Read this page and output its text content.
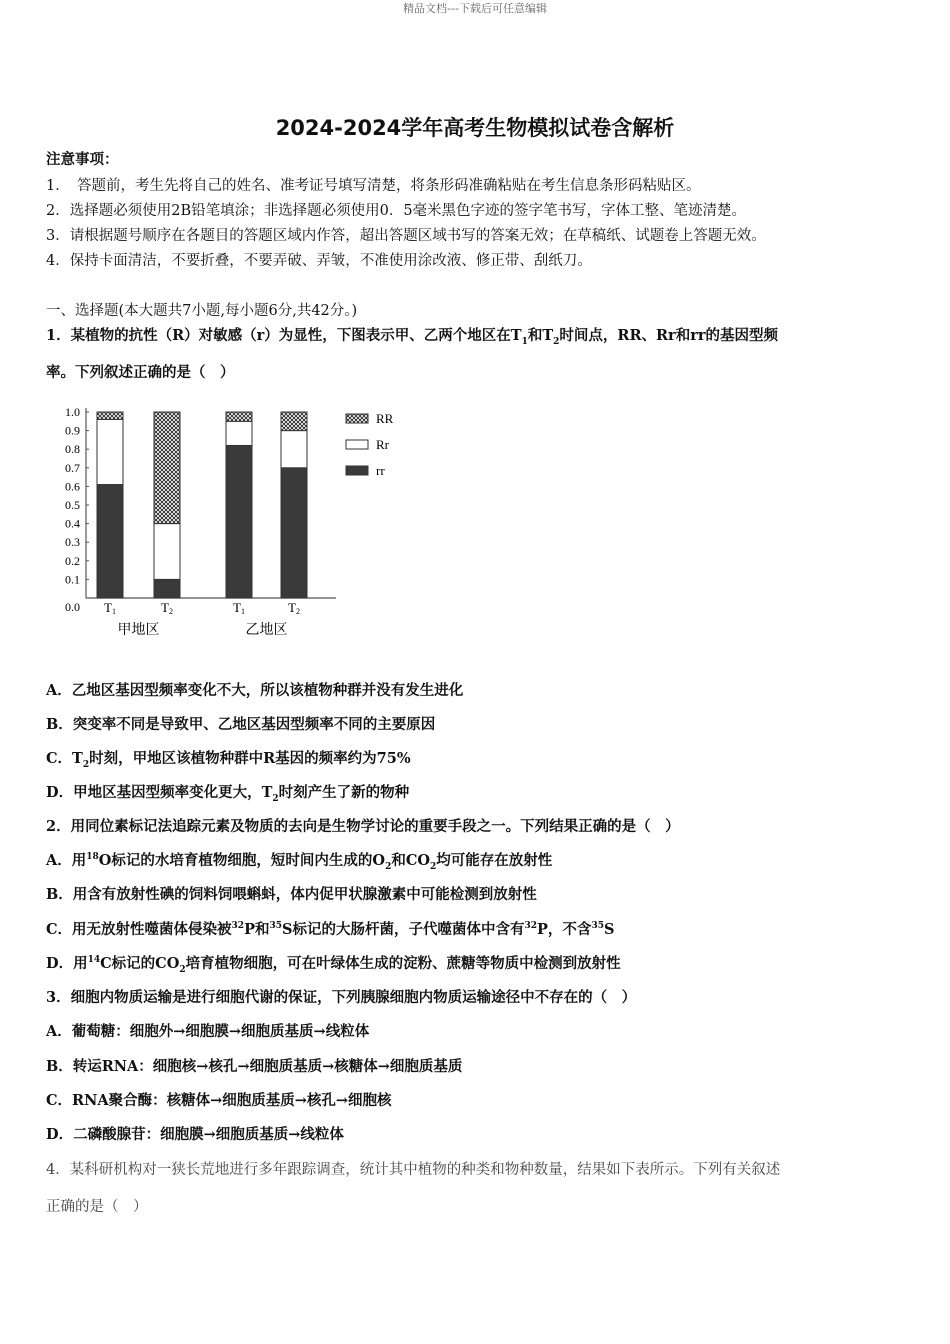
精品文档---下载后可任意编辑
2024-2024学年高考生物模拟试卷含解析
注意事项：
1．　答题前，考生先将自己的姓名、准考证号填写清楚，将条形码准确粘贴在考生信息条形码粘贴区。
2．选择题必须使用2B铅笔填涂；非选择题必须使用0．5毫米黑色字迹的签字笔书写，字体工整、笔迹清楚。
3．请根据题号顺序在各题目的答题区域内作答，超出答题区域书写的答案无效；在草稿纸、试题卷上答题无效。
4．保持卡面清洁，不要折叠，不要弄破、弄皱，不准使用涂改液、修正带、刮纸刀。
一、选择题(本大题共7小题,每小题6分,共42分。)
1．某植物的抗性（R）对敏感（r）为显性，下图表示甲、乙两个地区在$T_1$和$T_2$时间点，RR、Rr和rr的基因型频
率。下列叙述正确的是（　）
1.0
0.9
0.8
0.7
0.6
0.5
0.4
0.3
0.2
0.1
0.0 T1	T2	T1	T2
甲地区	乙地区
RR
Rr
rr
A．乙地区基因型频率变化不大，所以该植物种群并没有发生进化
B．突变率不同是导致甲、乙地区基因型频率不同的主要原因
C．$T_2$时刻，甲地区该植物种群中R基因的频率约为75%
D．甲地区基因型频率变化更大，$T_2$时刻产生了新的物种
2．用同位素标记法追踪元素及物质的去向是生物学讨论的重要手段之一。下列结果正确的是（　）
A．用$^{18}$O标记的水培育植物细胞，短时间内生成的$O_2$和$CO_2$均可能存在放射性
B．用含有放射性碘的饲料饲喂蝌蚪，体内促甲状腺激素中可能检测到放射性
C．用无放射性噬菌体侵染被$^{32}$P和$^{35}$S标记的大肠杆菌，子代噬菌体中含有$^{32}$P，不含$^{35}$S
D．用$^{14}$C标记的$CO_2$培育植物细胞，可在叶绿体生成的淀粉、蔗糖等物质中检测到放射性
3．细胞内物质运输是进行细胞代谢的保证，下列胰腺细胞内物质运输途径中不存在的（　）
A．葡萄糖：细胞外→细胞膜→细胞质基质→线粒体
B．转运RNA：细胞核→核孔→细胞质基质→核糖体→细胞质基质
C．RNA聚合酶：核糖体→细胞质基质→核孔→细胞核
D．二磷酸腺苷：细胞膜→细胞质基质→线粒体
4．某科研机构对一狭长荒地进行多年跟踪调查，统计其中植物的种类和物种数量，结果如下表所示。下列有关叙述
正确的是（　）
